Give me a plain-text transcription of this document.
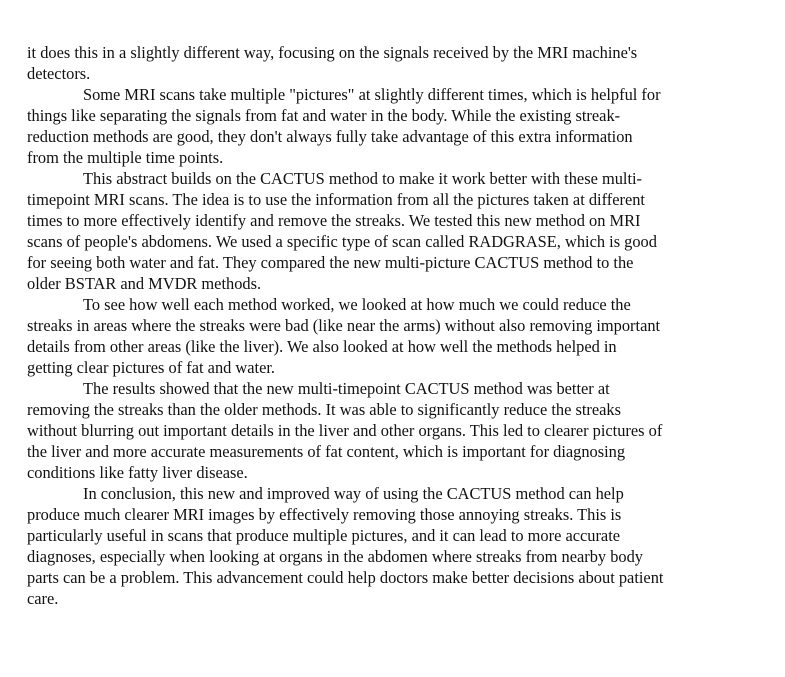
it does this in a slightly different way, focusing on the signals received by the MRI machine's
detectors.
Some MRI scans take multiple "pictures" at slightly different times, which is helpful for
things like separating the signals from fat and water in the body. While the existing streak-
reduction methods are good, they don't always fully take advantage of this extra information
from the multiple time points.
This abstract builds on the CACTUS method to make it work better with these multi-
timepoint MRI scans. The idea is to use the information from all the pictures taken at different
times to more effectively identify and remove the streaks. We tested this new method on MRI
scans of people's abdomens. We used a specific type of scan called RADGRASE, which is good
for seeing both water and fat. They compared the new multi-picture CACTUS method to the
older BSTAR and MVDR methods.
To see how well each method worked, we looked at how much we could reduce the
streaks in areas where the streaks were bad (like near the arms) without also removing important
details from other areas (like the liver). We also looked at how well the methods helped in
getting clear pictures of fat and water.
The results showed that the new multi-timepoint CACTUS method was better at
removing the streaks than the older methods. It was able to significantly reduce the streaks
without blurring out important details in the liver and other organs. This led to clearer pictures of
the liver and more accurate measurements of fat content, which is important for diagnosing
conditions like fatty liver disease.
In conclusion, this new and improved way of using the CACTUS method can help
produce much clearer MRI images by effectively removing those annoying streaks. This is
particularly useful in scans that produce multiple pictures, and it can lead to more accurate
diagnoses, especially when looking at organs in the abdomen where streaks from nearby body
parts can be a problem. This advancement could help doctors make better decisions about patient
care.
